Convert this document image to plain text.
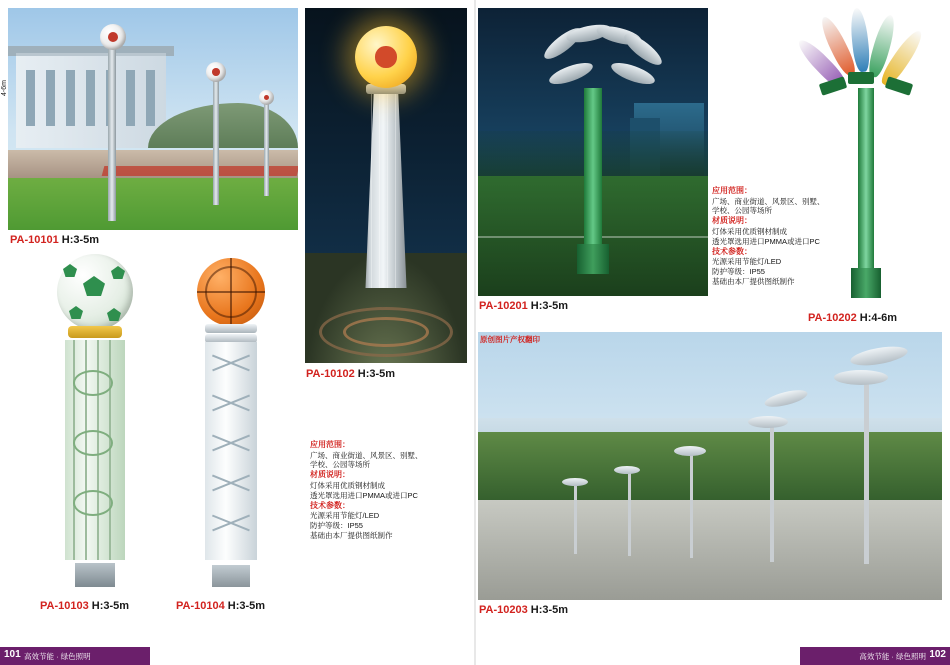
PA-10101 H:3-5m
PA-10102 H:3-5m
PA-10201 H:3-5m
4-6m
PA-10202 H:4-6m
应用范围：
广场、商业街道、风景区、别墅、
学校、公园等场所
材质说明：
灯体采用优质钢材制成
透光罩选用进口PMMA或进口PC
技术参数：
光源采用节能灯/LED
防护等级：IP55
基础由本厂提供图纸制作
PA-10103 H:3-5m	PA-10104 H:3-5m
应用范围：
广场、商业街道、风景区、别墅、
学校、公园等场所
材质说明：
灯体采用优质钢材制成
透光罩选用进口PMMA或进口PC
技术参数：
光源采用节能灯/LED
防护等级：IP55
基础由本厂提供图纸制作
原创图片产权翻印
PA-10203 H:3-5m
101 高效节能 · 绿色照明	102
高效节能 · 绿色照明
